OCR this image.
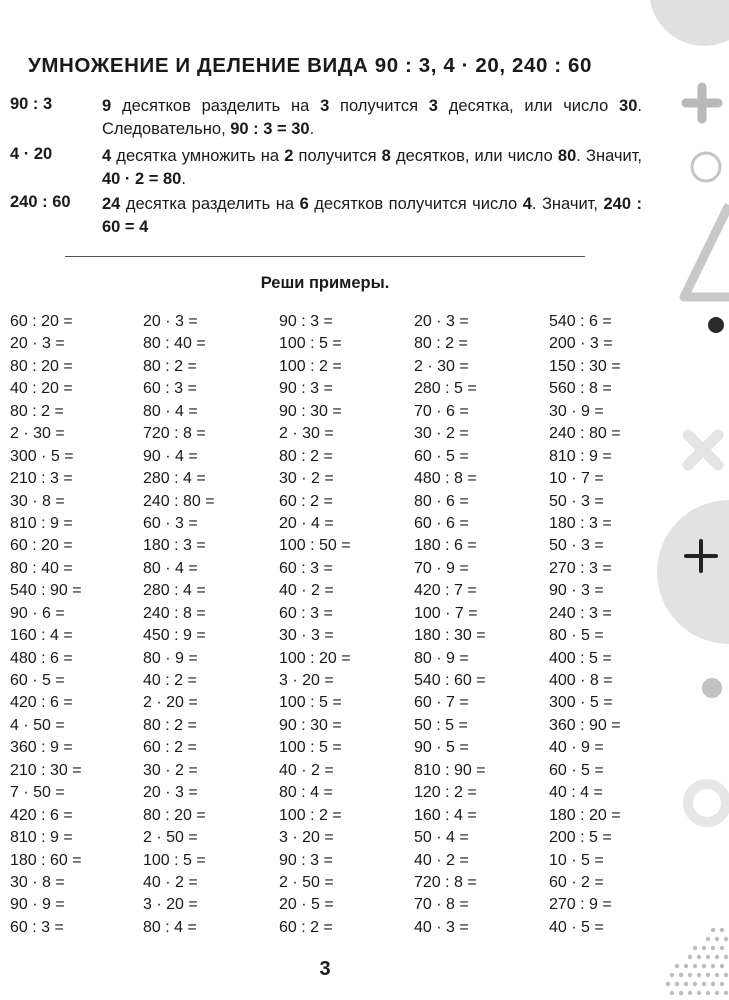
УМНОЖЕНИЕ И ДЕЛЕНИЕ ВИДА 90 : 3, 4 · 20, 240 : 60
90 : 3	9 десятков разделить на 3 получится 3 десятка, или число 30. Следовательно, 90 : 3 = 30.
4 · 20	4 десятка умножить на 2 получится 8 десятков, или число 80. Значит, 40 · 2 = 80.
240 : 60 24 десятка разделить на 6 десятков получится число 4. Значит, 240 : 60 = 4
Реши примеры.
60 : 20 =
20 · 3 =
80 : 20 =
40 : 20 =
80 : 2 =
2 · 30 =
300 · 5 =
210 : 3 =
30 · 8 =
810 : 9 =
60 : 20 =
80 : 40 =
540 : 90 =
90 · 6 =
160 : 4 =
480 : 6 =
60 · 5 =
420 : 6 =
4 · 50 =
360 : 9 =
210 : 30 =
7 · 50 =
420 : 6 =
810 : 9 =
180 : 60 =
30 · 8 =
90 · 9 =
60 : 3 =
20 · 3 =
80 : 40 =
80 : 2 =
60 : 3 =
80 · 4 =
720 : 8 =
90 · 4 =
280 : 4 =
240 : 80 =
60 · 3 =
180 : 3 =
80 · 4 =
280 : 4 =
240 : 8 =
450 : 9 =
80 · 9 =
40 : 2 =
2 · 20 =
80 : 2 =
60 : 2 =
30 · 2 =
20 · 3 =
80 : 20 =
2 · 50 =
100 : 5 =
40 · 2 =
3 · 20 =
80 : 4 =
90 : 3 =
100 : 5 =
100 : 2 =
90 : 3 =
90 : 30 =
2 · 30 =
80 : 2 =
30 · 2 =
60 : 2 =
20 · 4 =
100 : 50 =
60 : 3 =
40 · 2 =
60 : 3 =
30 · 3 =
100 : 20 =
3 · 20 =
100 : 5 =
90 : 30 =
100 : 5 =
40 · 2 =
80 : 4 =
100 : 2 =
3 · 20 =
90 : 3 =
2 · 50 =
20 · 5 =
60 : 2 =
20 · 3 =
80 : 2 =
2 · 30 =
280 : 5 =
70 · 6 =
30 · 2 =
60 · 5 =
480 : 8 =
80 · 6 =
60 · 6 =
180 : 6 =
70 · 9 =
420 : 7 =
100 · 7 =
180 : 30 =
80 · 9 =
540 : 60 =
60 · 7 =
50 : 5 =
90 · 5 =
810 : 90 =
120 : 2 =
160 : 4 =
50 · 4 =
40 · 2 =
720 : 8 =
70 · 8 =
40 · 3 =
540 : 6 =
200 · 3 =
150 : 30 =
560 : 8 =
30 · 9 =
240 : 80 =
810 : 9 =
10 · 7 =
50 · 3 =
180 : 3 =
50 · 3 =
270 : 3 =
90 · 3 =
240 : 3 =
80 · 5 =
400 : 5 =
400 · 8 =
300 · 5 =
360 : 90 =
40 · 9 =
60 · 5 =
40 : 4 =
180 : 20 =
200 : 5 =
10 · 5 =
60 · 2 =
270 : 9 =
40 · 5 =
3
